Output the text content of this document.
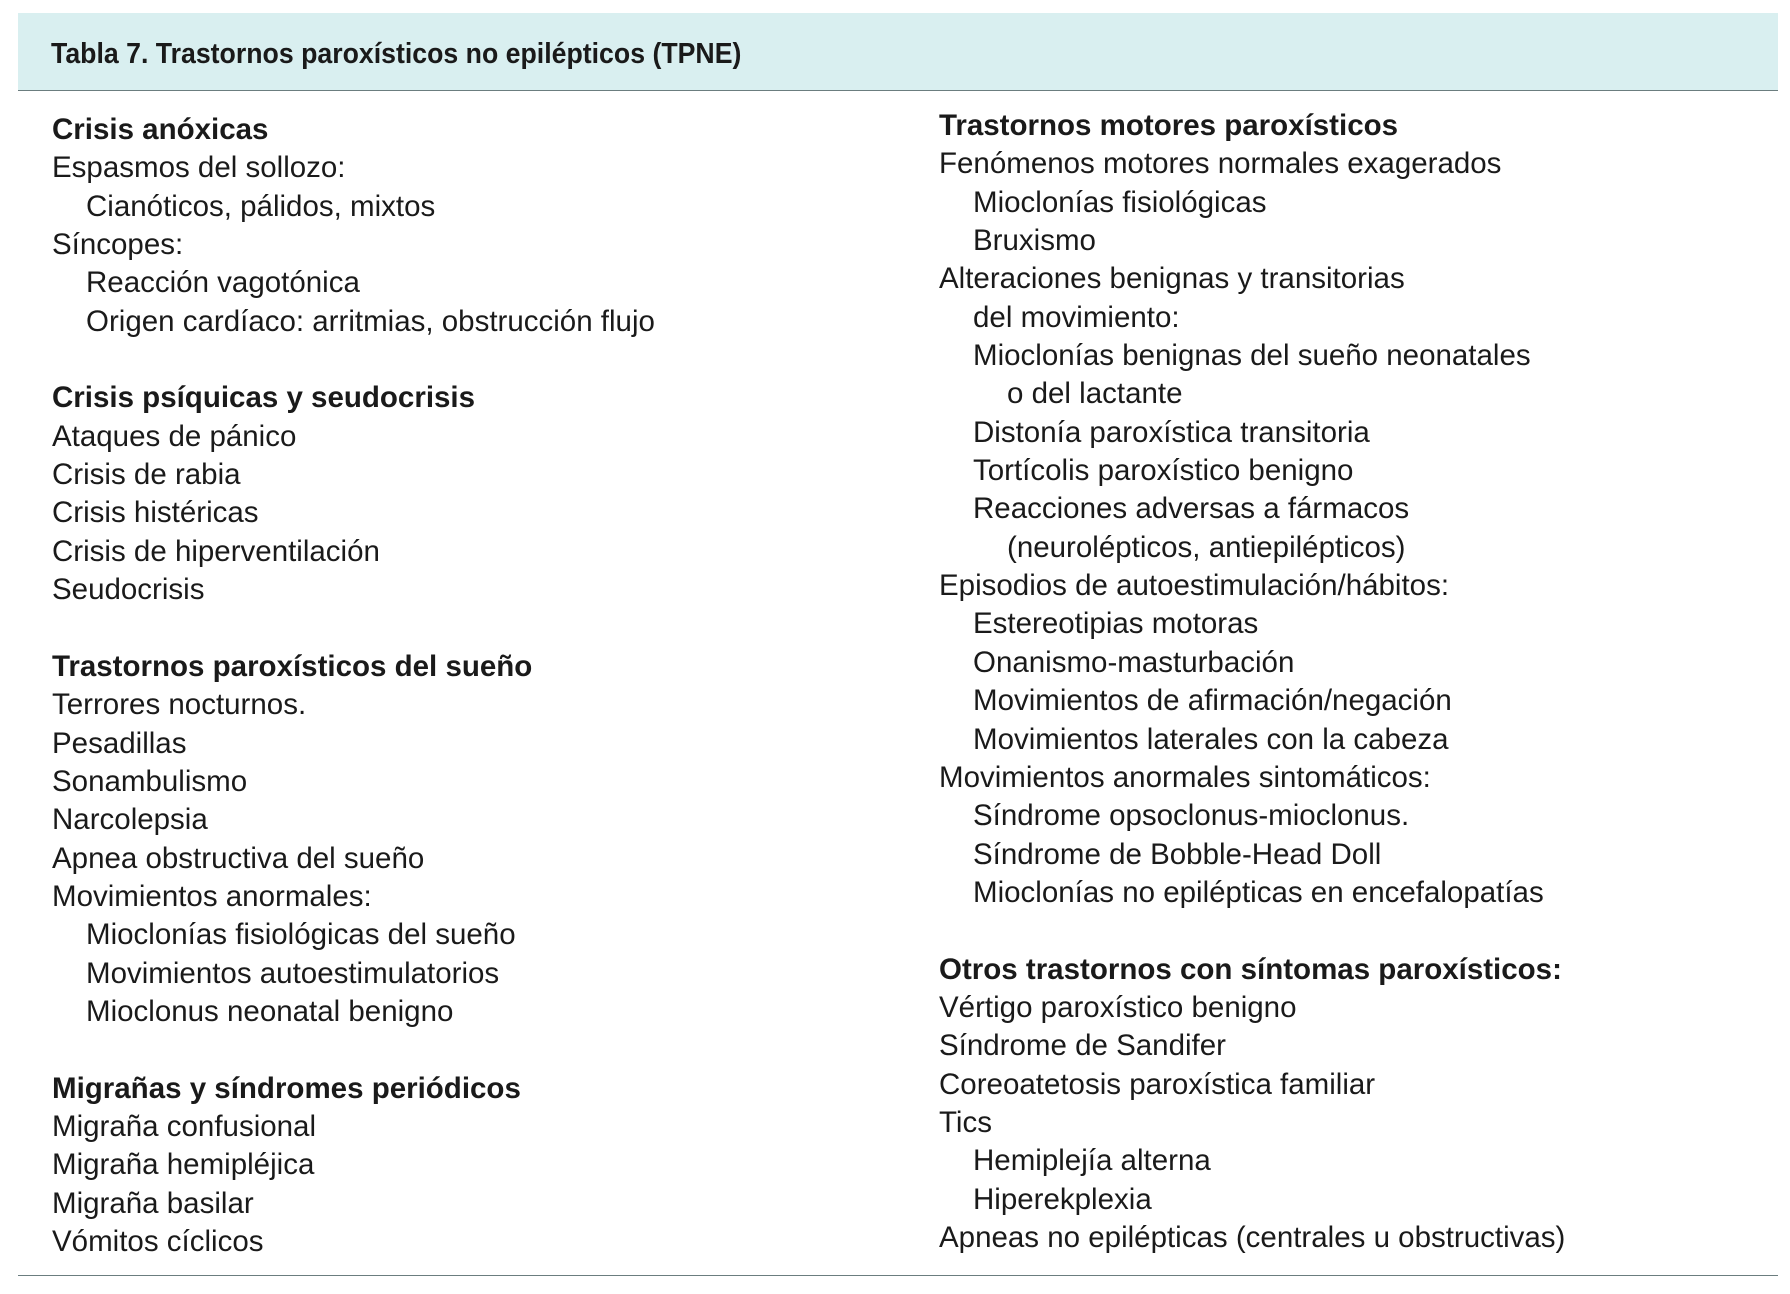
Tabla 7. Trastornos paroxísticos no epilépticos (TPNE)
Crisis anóxicas
Espasmos del sollozo:
Cianóticos, pálidos, mixtos
Síncopes:
Reacción vagotónica
Origen cardíaco: arritmias, obstrucción flujo
Crisis psíquicas y seudocrisis
Ataques de pánico
Crisis de rabia
Crisis histéricas
Crisis de hiperventilación
Seudocrisis
Trastornos paroxísticos del sueño
Terrores nocturnos.
Pesadillas
Sonambulismo
Narcolepsia
Apnea obstructiva del sueño
Movimientos anormales:
Mioclonías fisiológicas del sueño
Movimientos autoestimulatorios
Mioclonus neonatal benigno
Migrañas y síndromes periódicos
Migraña confusional
Migraña hemipléjica
Migraña basilar
Vómitos cíclicos
Trastornos motores paroxísticos
Fenómenos motores normales exagerados
Mioclonías fisiológicas
Bruxismo
Alteraciones benignas y transitorias
del movimiento:
Mioclonías benignas del sueño neonatales
o del lactante
Distonía paroxística transitoria
Tortícolis paroxístico benigno
Reacciones adversas a fármacos
(neurolépticos, antiepilépticos)
Episodios de autoestimulación/hábitos:
Estereotipias motoras
Onanismo-masturbación
Movimientos de afirmación/negación
Movimientos laterales con la cabeza
Movimientos anormales sintomáticos:
Síndrome opsoclonus-mioclonus.
Síndrome de Bobble-Head Doll
Mioclonías no epilépticas en encefalopatías
Otros trastornos con síntomas paroxísticos:
Vértigo paroxístico benigno
Síndrome de Sandifer
Coreoatetosis paroxística familiar
Tics
Hemiplejía alterna
Hiperekplexia
Apneas no epilépticas (centrales u obstructivas)
